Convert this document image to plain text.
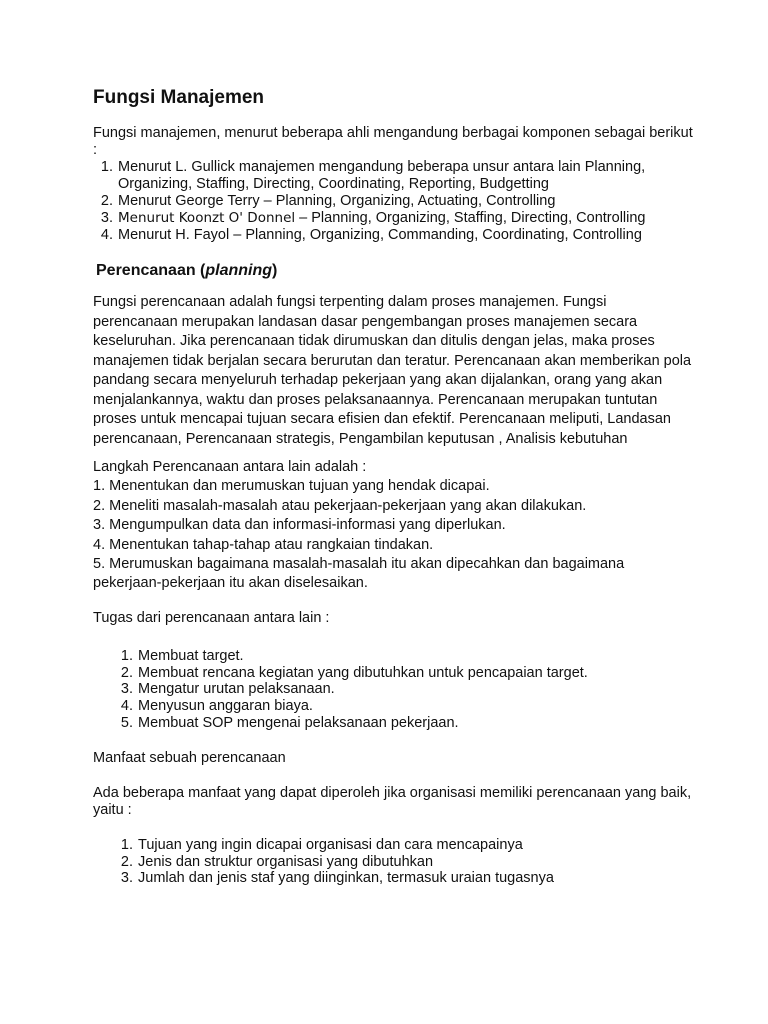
Fungsi Manajemen
Fungsi manajemen, menurut beberapa ahli mengandung berbagai komponen sebagai berikut :
1. Menurut L. Gullick manajemen mengandung beberapa unsur antara lain Planning, Organizing, Staffing, Directing, Coordinating, Reporting, Budgetting
2. Menurut George Terry – Planning, Organizing, Actuating, Controlling
3. Menurut Koonzt O' Donnel – Planning, Organizing, Staffing, Directing, Controlling
4. Menurut H. Fayol – Planning, Organizing, Commanding, Coordinating, Controlling
Perencanaan (planning)
Fungsi perencanaan adalah fungsi terpenting dalam proses manajemen. Fungsi perencanaan merupakan landasan dasar pengembangan proses manajemen secara keseluruhan. Jika perencanaan tidak dirumuskan dan ditulis dengan jelas, maka proses manajemen tidak berjalan secara berurutan dan teratur. Perencanaan akan memberikan pola pandang secara menyeluruh terhadap pekerjaan yang akan dijalankan, orang yang akan menjalankannya, waktu dan proses pelaksanaannya. Perencanaan merupakan tuntutan proses untuk mencapai tujuan secara efisien dan efektif. Perencanaan meliputi, Landasan perencanaan, Perencanaan strategis, Pengambilan keputusan , Analisis kebutuhan
Langkah Perencanaan antara lain adalah :
1. Menentukan dan merumuskan tujuan yang hendak dicapai.
2. Meneliti masalah-masalah atau pekerjaan-pekerjaan yang akan dilakukan.
3. Mengumpulkan data dan informasi-informasi yang diperlukan.
4. Menentukan tahap-tahap atau rangkaian tindakan.
5. Merumuskan bagaimana masalah-masalah itu akan dipecahkan dan bagaimana pekerjaan-pekerjaan itu akan diselesaikan.
Tugas dari perencanaan antara lain :
1. Membuat target.
2. Membuat rencana kegiatan yang dibutuhkan untuk pencapaian target.
3. Mengatur urutan pelaksanaan.
4. Menyusun anggaran biaya.
5. Membuat SOP mengenai pelaksanaan pekerjaan.
Manfaat sebuah perencanaan
Ada beberapa manfaat yang dapat diperoleh jika organisasi memiliki perencanaan yang baik, yaitu :
1. Tujuan yang ingin dicapai organisasi dan cara mencapainya
2. Jenis dan struktur organisasi yang dibutuhkan
3. Jumlah dan jenis staf yang diinginkan, termasuk uraian tugasnya
